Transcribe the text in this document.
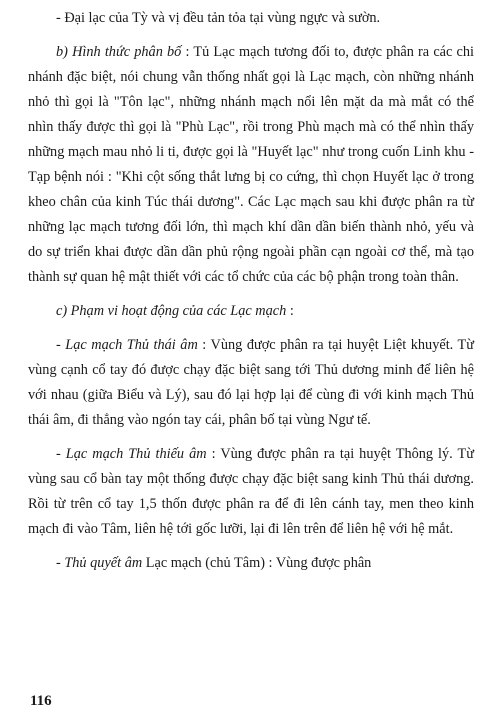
- Đại lạc của Tỳ và vị đều tản tỏa tại vùng ngực và sườn.

b) Hình thức phân bố : Tủ Lạc mạch tương đối to, được phân ra các chi nhánh đặc biệt, nói chung vẫn thống nhất gọi là Lạc mạch, còn những nhánh nhỏ thì gọi là "Tôn lạc", những nhánh mạch nổi lên mặt da mà mắt có thể nhìn thấy được thì gọi là "Phù Lạc", rồi trong Phù mạch mà có thể nhìn thấy những mạch mau nhỏ li ti, được gọi là "Huyết lạc" như trong cuốn Linh khu - Tạp bệnh nói : "Khi cột sống thắt lưng bị co cứng, thì chọn Huyết lạc ở trong kheo chân của kinh Túc thái dương". Các Lạc mạch sau khi được phân ra từ những lạc mạch tương đối lớn, thì mạch khí dần dần biến thành nhỏ, yếu và do sự triển khai được dần dần phủ rộng ngoài phần cạn ngoài cơ thể, mà tạo thành sự quan hệ mật thiết với các tổ chức của các bộ phận trong toàn thân.

c) Phạm vi hoạt động của các Lạc mạch :

- Lạc mạch Thủ thái âm : Vùng được phân ra tại huyệt Liệt khuyết. Từ vùng cạnh cổ tay đó được chạy đặc biệt sang tới Thủ dương minh để liên hệ với nhau (giữa Biểu và Lý), sau đó lại hợp lại để cùng đi với kinh mạch Thủ thái âm, đi thẳng vào ngón tay cái, phân bố tại vùng Ngư tế.

- Lạc mạch Thủ thiếu âm : Vùng được phân ra tại huyệt Thông lý. Từ vùng sau cổ bàn tay một thống được chạy đặc biệt sang kinh Thủ thái dương. Rồi từ trên cổ tay 1,5 thốn được phân ra để đi lên cánh tay, men theo kinh mạch đi vào Tâm, liên hệ tới gốc lưỡi, lại đi lên trên để liên hệ với hệ mắt.

- Thủ quyết âm Lạc mạch (chủ Tâm) : Vùng được phân

116
